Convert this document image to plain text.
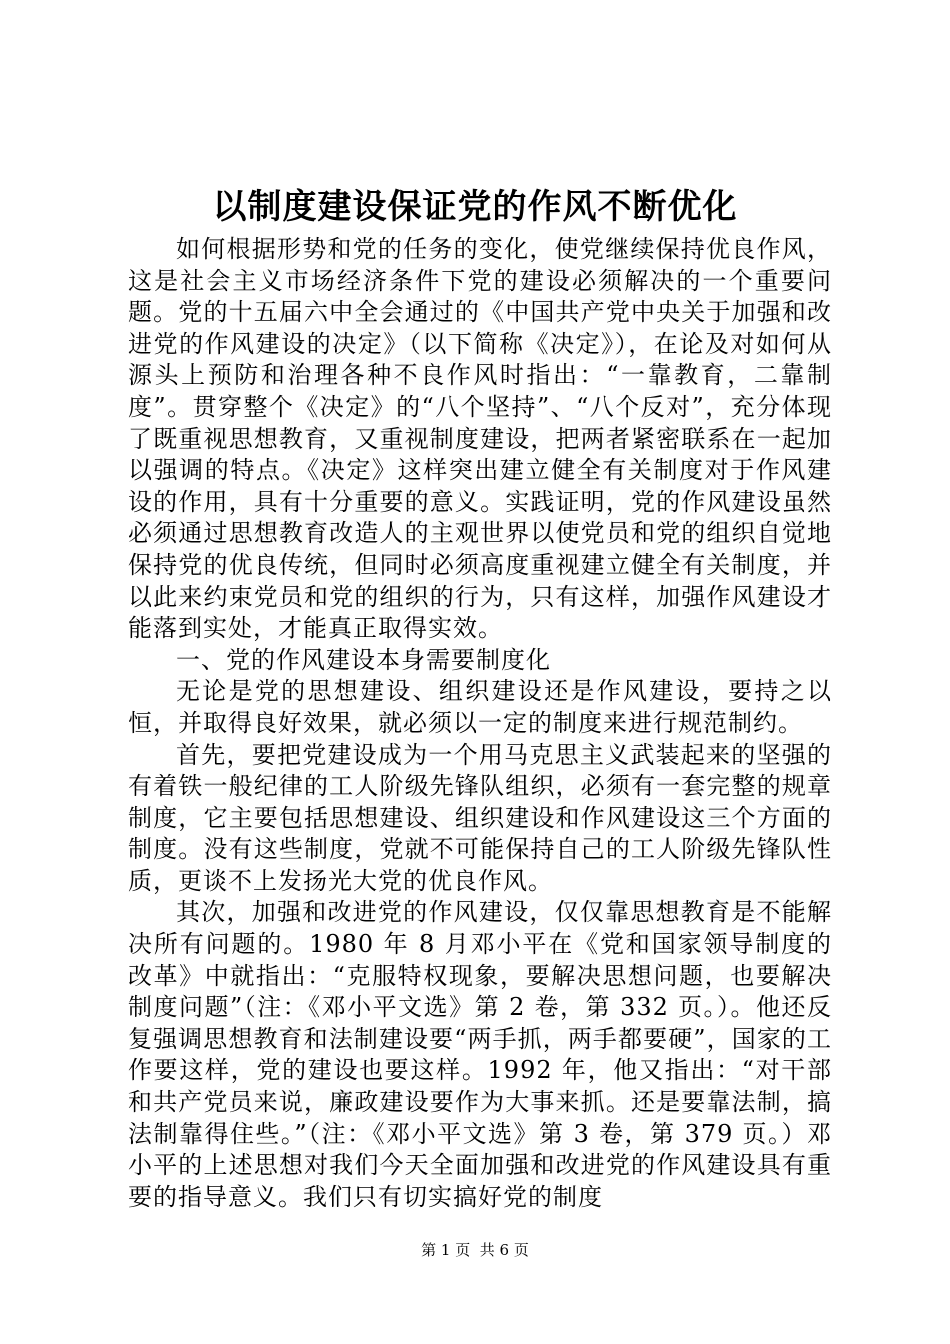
以制度建设保证党的作风不断优化

如何根据形势和党的任务的变化，使党继续保持优良作风，这是社会主义市场经济条件下党的建设必须解决的一个重要问题。党的十五届六中全会通过的《中国共产党中央关于加强和改进党的作风建设的决定》（以下简称《决定》），在论及对如何从源头上预防和治理各种不良作风时指出：“一靠教育，二靠制度”。贯穿整个《决定》的“八个坚持”、“八个反对”，充分体现了既重视思想教育，又重视制度建设，把两者紧密联系在一起加以强调的特点。《决定》这样突出建立健全有关制度对于作风建设的作用，具有十分重要的意义。实践证明，党的作风建设虽然必须通过思想教育改造人的主观世界以使党员和党的组织自觉地保持党的优良传统，但同时必须高度重视建立健全有关制度，并以此来约束党员和党的组织的行为，只有这样，加强作风建设才能落到实处，才能真正取得实效。

一、党的作风建设本身需要制度化

无论是党的思想建设、组织建设还是作风建设，要持之以恒，并取得良好效果，就必须以一定的制度来进行规范制约。

首先，要把党建设成为一个用马克思主义武装起来的坚强的有着铁一般纪律的工人阶级先锋队组织，必须有一套完整的规章制度，它主要包括思想建设、组织建设和作风建设这三个方面的制度。没有这些制度，党就不可能保持自己的工人阶级先锋队性质，更谈不上发扬光大党的优良作风。

其次，加强和改进党的作风建设，仅仅靠思想教育是不能解决所有问题的。1980 年 8 月邓小平在《党和国家领导制度的改革》中就指出：“克服特权现象，要解决思想问题，也要解决制度问题”（注：《邓小平文选》第 2 卷，第 332 页。）。他还反复强调思想教育和法制建设要“两手抓，两手都要硬”，国家的工作要这样，党的建设也要这样。1992 年，他又指出：“对干部和共产党员来说，廉政建设要作为大事来抓。还是要靠法制，搞法制靠得住些。”（注：《邓小平文选》第 3 卷，第 379 页。）邓小平的上述思想对我们今天全面加强和改进党的作风建设具有重要的指导意义。我们只有切实搞好党的制度

第 1 页  共 6 页
